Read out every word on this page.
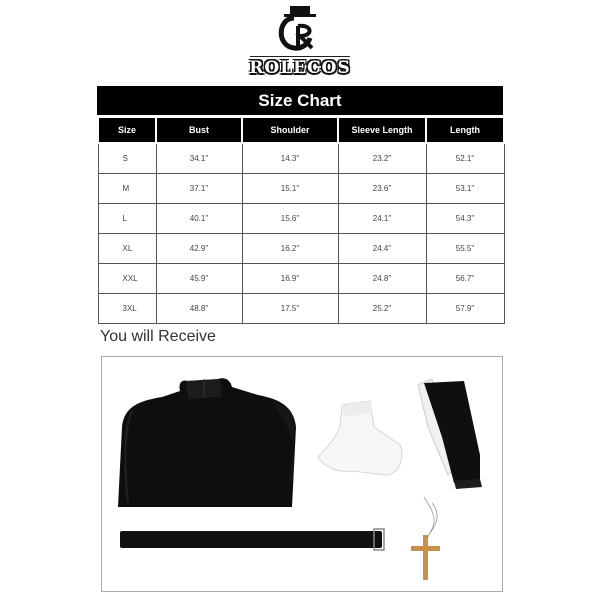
ROLECOS
Size Chart
Size	Bust	Shoulder	Sleeve Length	Length
S	34.1"	14.3"	23.2"	52.1"
M	37.1"	15.1"	23.6"	53.1"
L	40.1"	15.6"	24.1"	54.3"
XL	42.9"	16.2"	24.4"	55.5"
XXL	45.9"	16.9"	24.8"	56.7"
3XL	48.8"	17.5"	25.2"	57.9"
You will Receive
